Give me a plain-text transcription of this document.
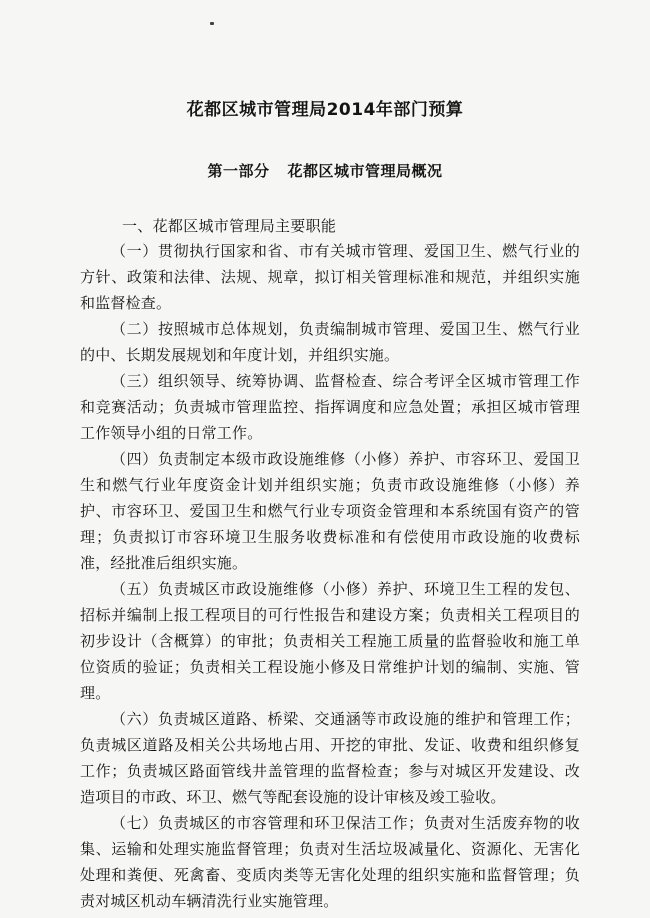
花都区城市管理局2014年部门预算
第一部分 花都区城市管理局概况

一、花都区城市管理局主要职能

（一）贯彻执行国家和省、市有关城市管理、爱国卫生、燃气行业的方针、政策和法律、法规、规章，拟订相关管理标准和规范，并组织实施和监督检查。

（二）按照城市总体规划，负责编制城市管理、爱国卫生、燃气行业的中、长期发展规划和年度计划，并组织实施。

（三）组织领导、统筹协调、监督检查、综合考评全区城市管理工作和竞赛活动；负责城市管理监控、指挥调度和应急处置；承担区城市管理工作领导小组的日常工作。

（四）负责制定本级市政设施维修（小修）养护、市容环卫、爱国卫生和燃气行业年度资金计划并组织实施；负责市政设施维修（小修）养护、市容环卫、爱国卫生和燃气行业专项资金管理和本系统国有资产的管理；负责拟订市容环境卫生服务收费标准和有偿使用市政设施的收费标准，经批准后组织实施。

（五）负责城区市政设施维修（小修）养护、环境卫生工程的发包、招标并编制上报工程项目的可行性报告和建设方案；负责相关工程项目的初步设计（含概算）的审批；负责相关工程施工质量的监督验收和施工单位资质的验证；负责相关工程设施小修及日常维护计划的编制、实施、管理。

（六）负责城区道路、桥梁、交通涵等市政设施的维护和管理工作；负责城区道路及相关公共场地占用、开挖的审批、发证、收费和组织修复工作；负责城区路面管线井盖管理的监督检查；参与对城区开发建设、改造项目的市政、环卫、燃气等配套设施的设计审核及竣工验收。

（七）负责城区的市容管理和环卫保洁工作；负责对生活废弃物的收集、运输和处理实施监督管理；负责对生活垃圾减量化、资源化、无害化处理和粪便、死禽畜、变质肉类等无害化处理的组织实施和监督管理；负责对城区机动车辆清洗行业实施管理。
